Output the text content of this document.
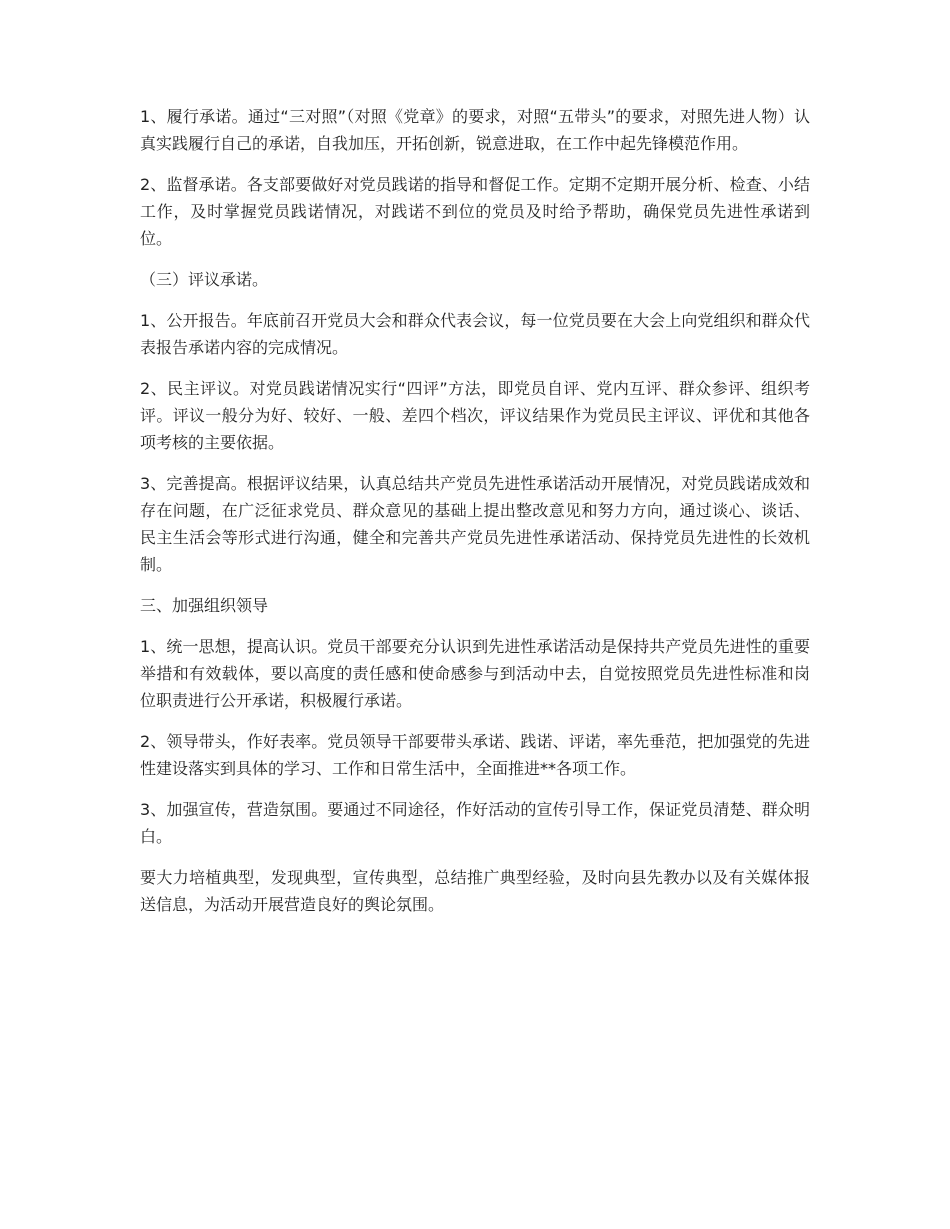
1、履行承诺。通过“三对照”（对照《党章》的要求，对照“五带头”的要求，对照先进人物）认真实践履行自己的承诺，自我加压，开拓创新，锐意进取，在工作中起先锋模范作用。

2、监督承诺。各支部要做好对党员践诺的指导和督促工作。定期不定期开展分析、检查、小结工作，及时掌握党员践诺情况，对践诺不到位的党员及时给予帮助，确保党员先进性承诺到位。

（三）评议承诺。

1、公开报告。年底前召开党员大会和群众代表会议，每一位党员要在大会上向党组织和群众代表报告承诺内容的完成情况。

2、民主评议。对党员践诺情况实行“四评”方法，即党员自评、党内互评、群众参评、组织考评。评议一般分为好、较好、一般、差四个档次，评议结果作为党员民主评议、评优和其他各项考核的主要依据。

3、完善提高。根据评议结果，认真总结共产党员先进性承诺活动开展情况，对党员践诺成效和存在问题，在广泛征求党员、群众意见的基础上提出整改意见和努力方向，通过谈心、谈话、民主生活会等形式进行沟通，健全和完善共产党员先进性承诺活动、保持党员先进性的长效机制。

三、加强组织领导

1、统一思想，提高认识。党员干部要充分认识到先进性承诺活动是保持共产党员先进性的重要举措和有效载体，要以高度的责任感和使命感参与到活动中去，自觉按照党员先进性标准和岗位职责进行公开承诺，积极履行承诺。

2、领导带头，作好表率。党员领导干部要带头承诺、践诺、评诺，率先垂范，把加强党的先进性建设落实到具体的学习、工作和日常生活中，全面推进**各项工作。

3、加强宣传，营造氛围。要通过不同途径，作好活动的宣传引导工作，保证党员清楚、群众明白。

要大力培植典型，发现典型，宣传典型，总结推广典型经验，及时向县先教办以及有关媒体报送信息，为活动开展营造良好的舆论氛围。
